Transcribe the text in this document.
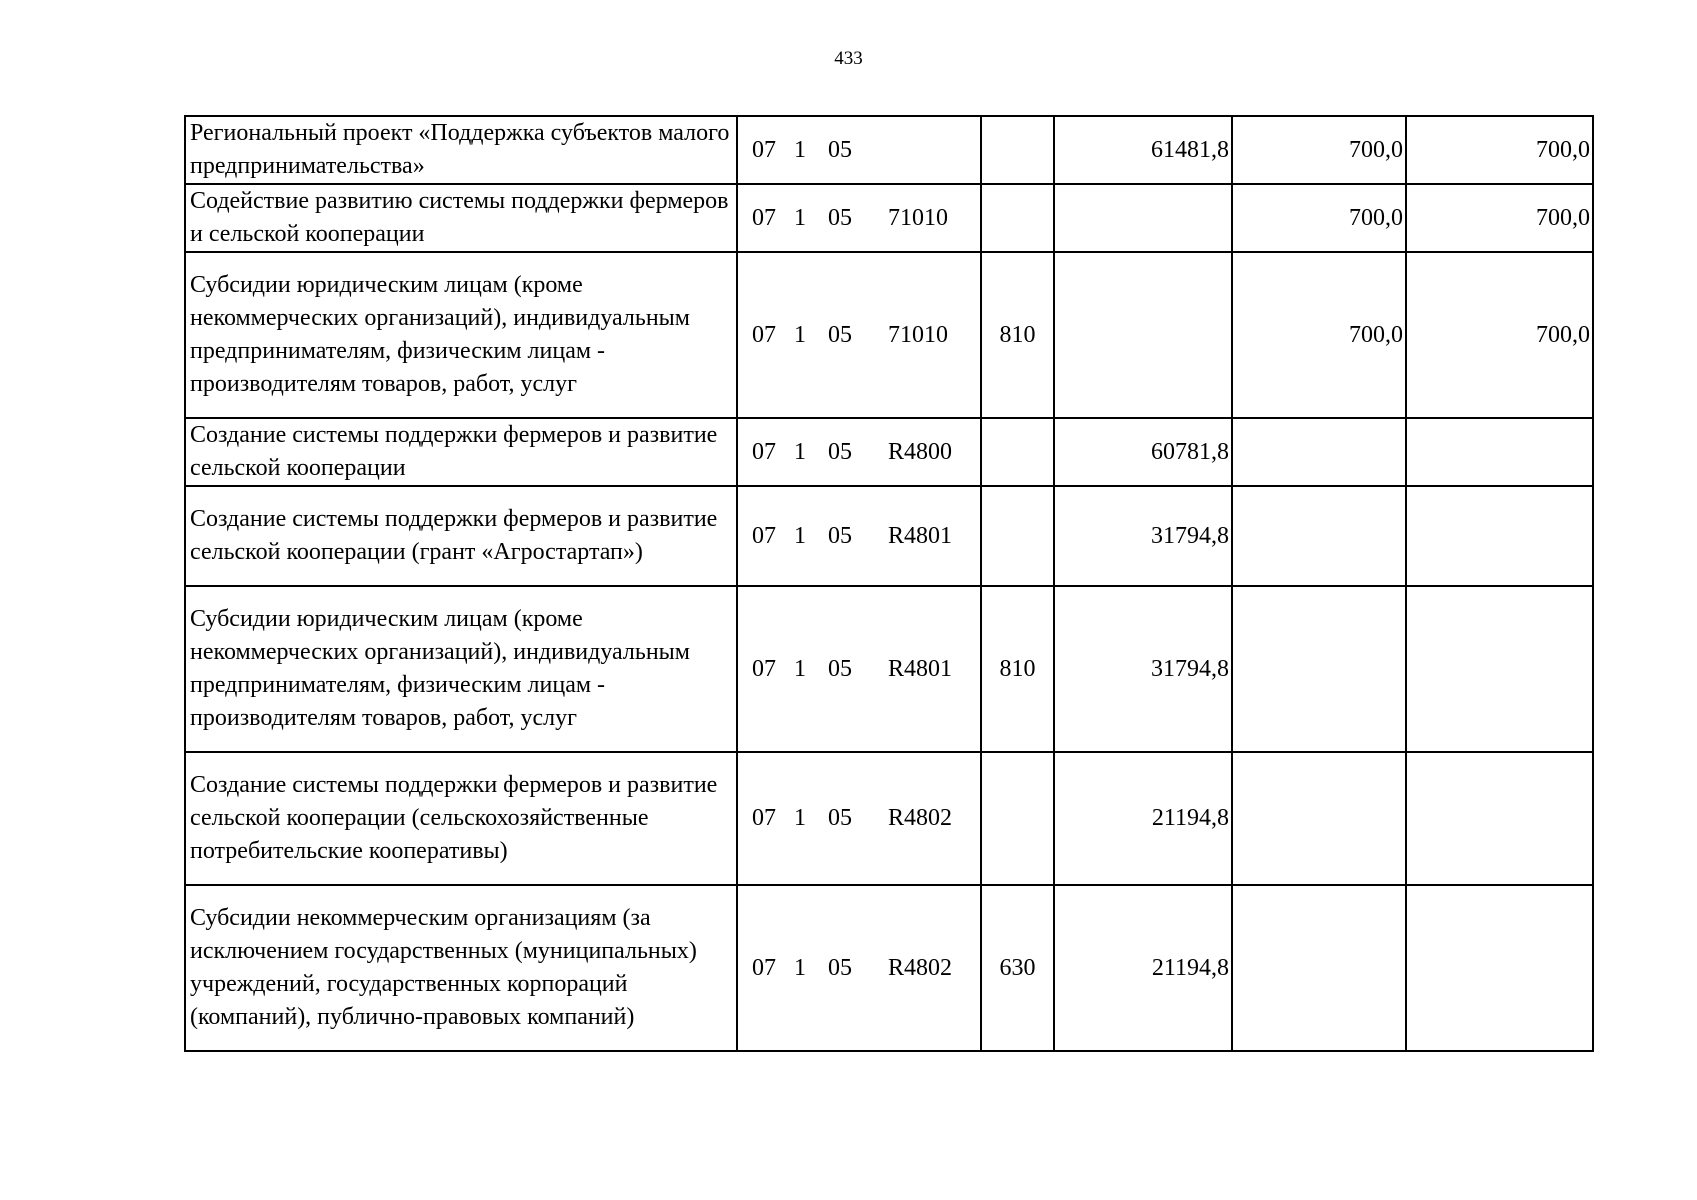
433
Региональный проект «Поддержка субъектов малого предпринимательства»	07 1 05		61481,8	700,0	700,0
Содействие развитию системы поддержки фермеров и сельской кооперации	07 1 05 71010			700,0	700,0
Субсидии юридическим лицам (кроме некоммерческих организаций), индивидуальным предпринимателям, физическим лицам - производителям товаров, работ, услуг	07 1 05 71010	810		700,0	700,0
Создание системы поддержки фермеров и развитие сельской кооперации	07 1 05 R4800		60781,8		
Создание системы поддержки фермеров и развитие сельской кооперации (грант «Агростартап»)	07 1 05 R4801		31794,8		
Субсидии юридическим лицам (кроме некоммерческих организаций), индивидуальным предпринимателям, физическим лицам - производителям товаров, работ, услуг	07 1 05 R4801	810	31794,8		
Создание системы поддержки фермеров и развитие сельской кооперации (сельскохозяйственные потребительские кооперативы)	07 1 05 R4802		21194,8		
Субсидии некоммерческим организациям (за исключением государственных (муниципальных) учреждений, государственных корпораций (компаний), публично-правовых компаний)	07 1 05 R4802	630	21194,8		
